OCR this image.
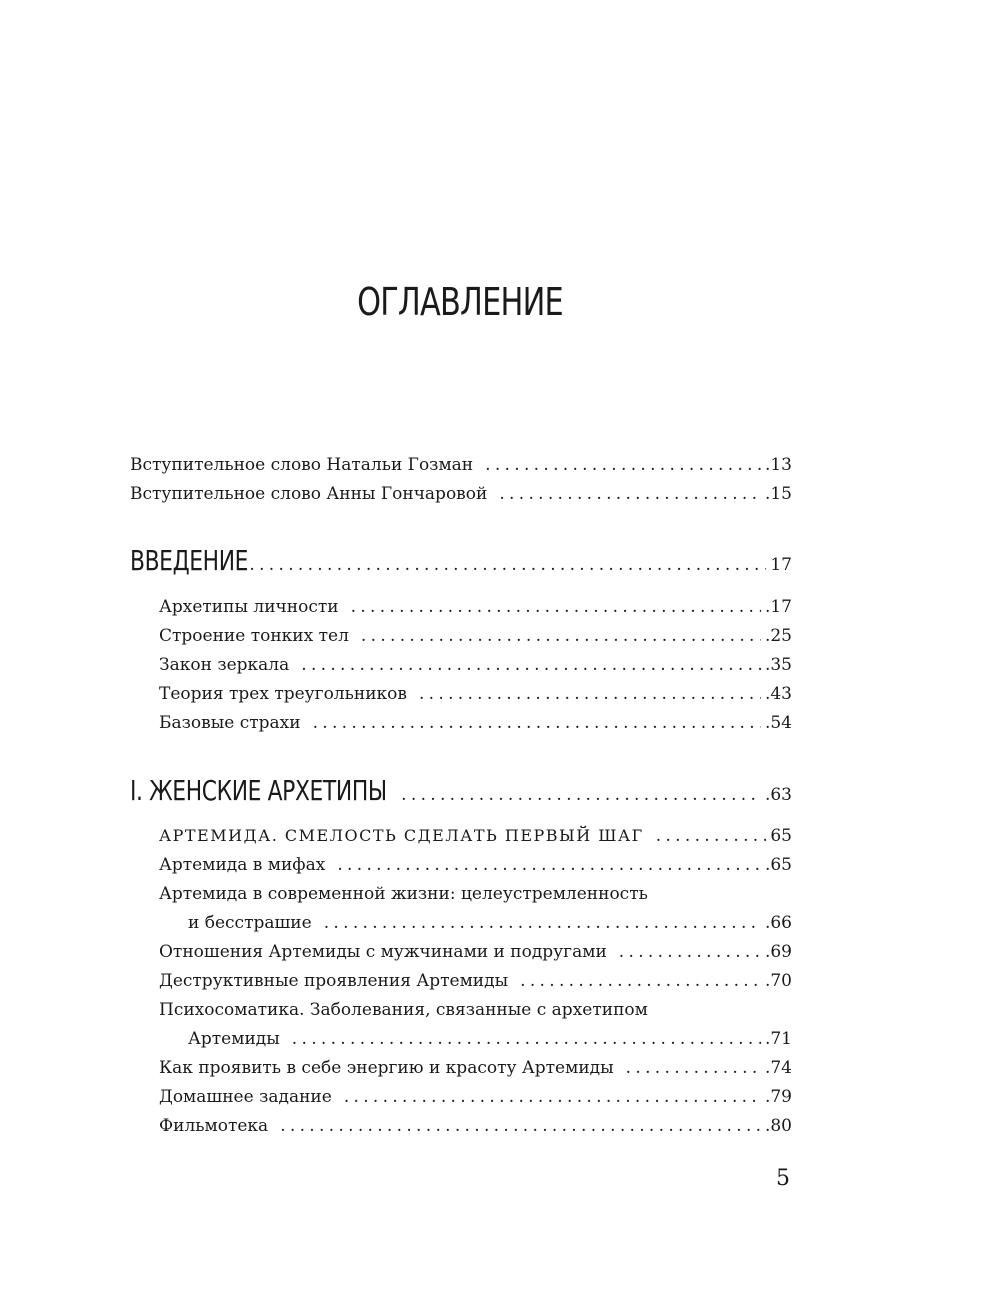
ОГЛАВЛЕНИЕ
Вступительное слово Натальи Гозман .....	.13
Вступительное слово Анны Гончаровой .....	.15
ВВЕДЕНИЕ .....	17
Архетипы личности .....	.17
Строение тонких тел .....	.25
Закон зеркала .....	.35
Теория трех треугольников .....	.43
Базовые страхи .....	.54
I. ЖЕНСКИЕ АРХЕТИПЫ .....	.63
АРТЕМИДА. СМЕЛОСТЬ СДЕЛАТЬ ПЕРВЫЙ ШАГ .....	65
Артемида в мифах .....	.65
Артемида в современной жизни: целеустремленность
и бесстрашие .....	.66
Отношения Артемиды с мужчинами и подругами .....	.69
Деструктивные проявления Артемиды .....	.70
Психосоматика. Заболевания, связанные с архетипом
Артемиды .....	.71
Как проявить в себе энергию и красоту Артемиды .....	.74
Домашнее задание .....	.79
Фильмотека .....	.80
5
